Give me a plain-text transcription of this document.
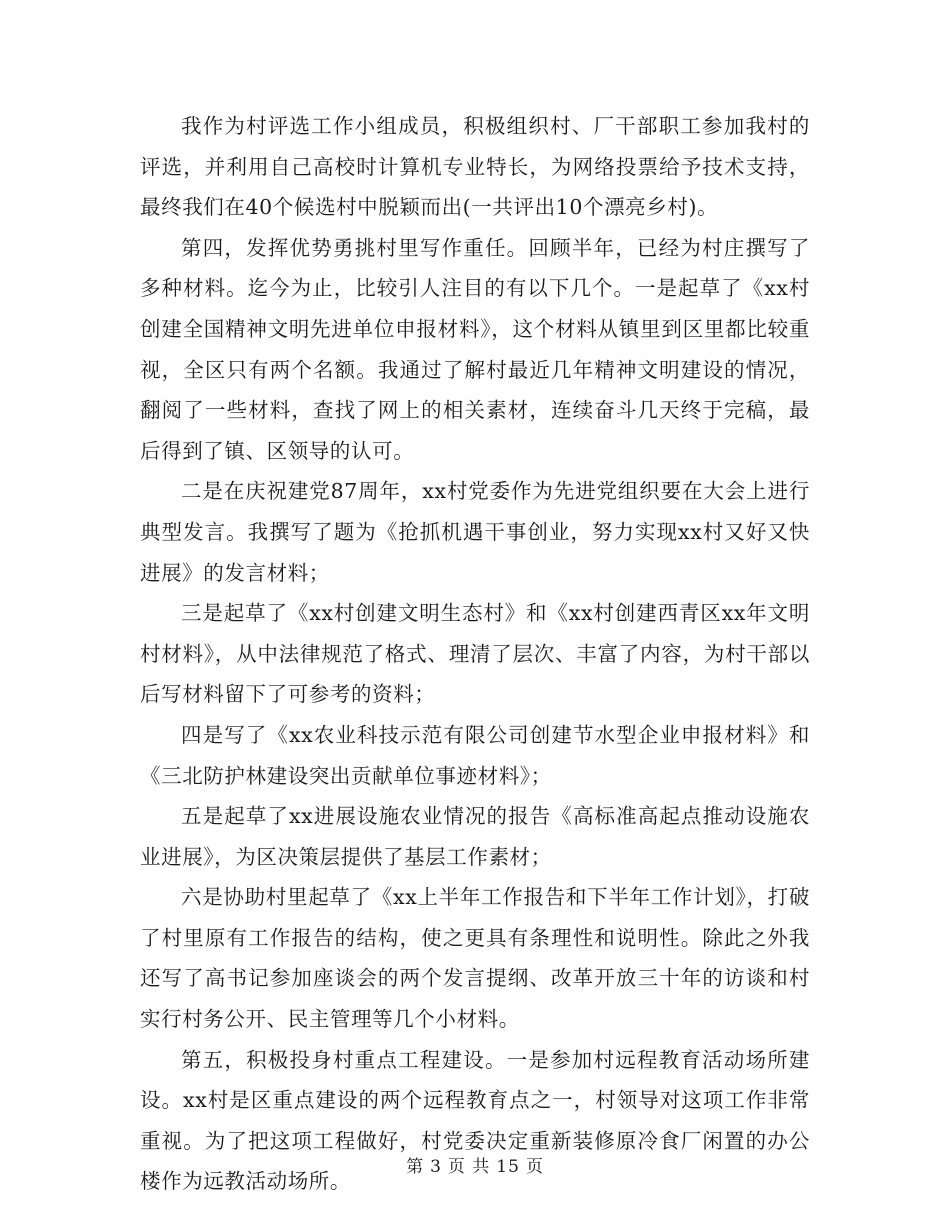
我作为村评选工作小组成员，积极组织村、厂干部职工参加我村的评选，并利用自己高校时计算机专业特长，为网络投票给予技术支持，最终我们在40个候选村中脱颖而出(一共评出10个漂亮乡村)。

第四，发挥优势勇挑村里写作重任。回顾半年，已经为村庄撰写了多种材料。迄今为止，比较引人注目的有以下几个。一是起草了《xx村创建全国精神文明先进单位申报材料》，这个材料从镇里到区里都比较重视，全区只有两个名额。我通过了解村最近几年精神文明建设的情况，翻阅了一些材料，查找了网上的相关素材，连续奋斗几天终于完稿，最后得到了镇、区领导的认可。

二是在庆祝建党87周年，xx村党委作为先进党组织要在大会上进行典型发言。我撰写了题为《抢抓机遇干事创业，努力实现xx村又好又快进展》的发言材料；

三是起草了《xx村创建文明生态村》和《xx村创建西青区xx年文明村材料》，从中法律规范了格式、理清了层次、丰富了内容，为村干部以后写材料留下了可参考的资料；

四是写了《xx农业科技示范有限公司创建节水型企业申报材料》和《三北防护林建设突出贡献单位事迹材料》；

五是起草了xx进展设施农业情况的报告《高标准高起点推动设施农业进展》，为区决策层提供了基层工作素材；

六是协助村里起草了《xx上半年工作报告和下半年工作计划》，打破了村里原有工作报告的结构，使之更具有条理性和说明性。除此之外我还写了高书记参加座谈会的两个发言提纲、改革开放三十年的访谈和村实行村务公开、民主管理等几个小材料。

第五，积极投身村重点工程建设。一是参加村远程教育活动场所建设。xx村是区重点建设的两个远程教育点之一，村领导对这项工作非常重视。为了把这项工程做好，村党委决定重新装修原冷食厂闲置的办公楼作为远教活动场所。

第 3 页 共 15 页
